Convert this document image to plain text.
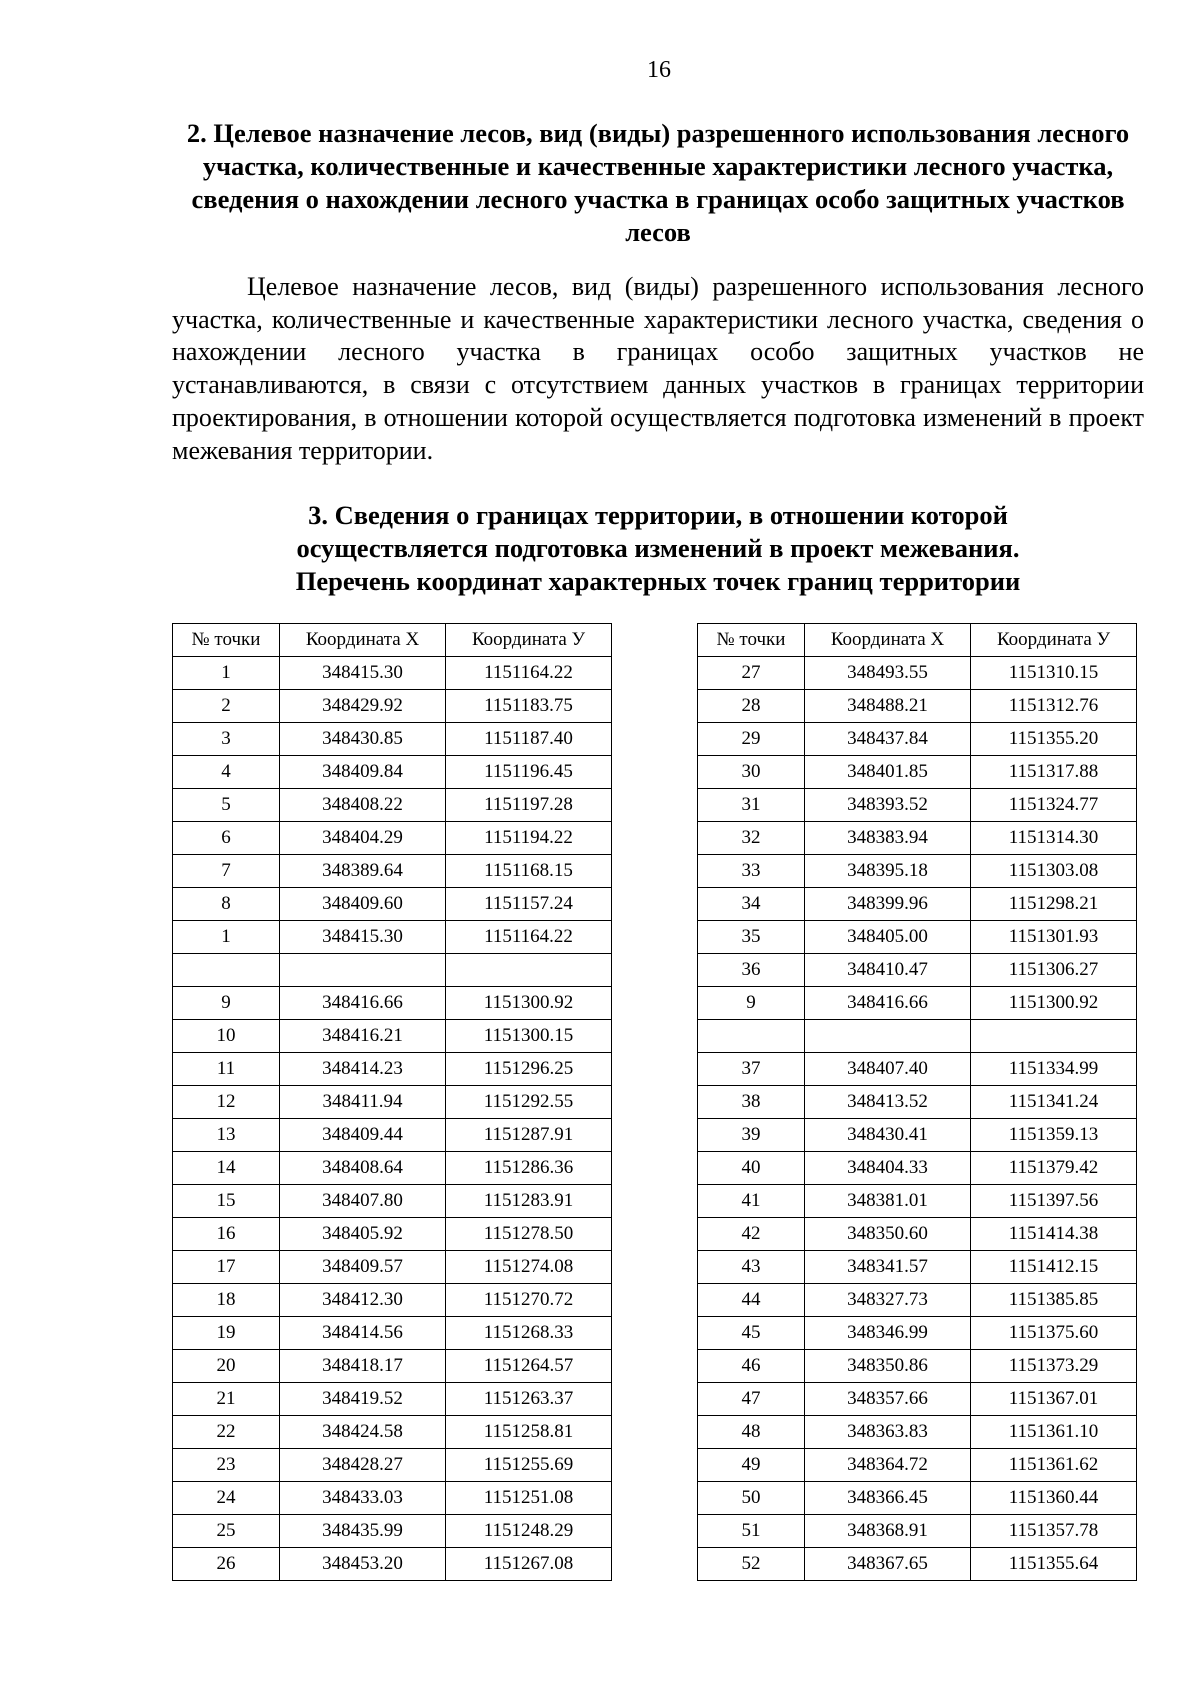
16
2. Целевое назначение лесов, вид (виды) разрешенного использования лесного участка, количественные и качественные характеристики лесного участка, сведения о нахождении лесного участка в границах особо защитных участков лесов

Целевое назначение лесов, вид (виды) разрешенного использования лесного участка, количественные и качественные характеристики лесного участка, сведения о нахождении лесного участка в границах особо защитных участков не устанавливаются, в связи с отсутствием данных участков в границах территории проектирования, в отношении которой осуществляется подготовка изменений в проект межевания территории.

3. Сведения о границах территории, в отношении которой
осуществляется подготовка изменений в проект межевания.
Перечень координат характерных точек границ территории
№ точки	Координата Х	Координата У
1	348415.30	1151164.22
2	348429.92	1151183.75
3	348430.85	1151187.40
4	348409.84	1151196.45
5	348408.22	1151197.28
6	348404.29	1151194.22
7	348389.64	1151168.15
8	348409.60	1151157.24
1	348415.30	1151164.22

9	348416.66	1151300.92
10	348416.21	1151300.15
11	348414.23	1151296.25
12	348411.94	1151292.55
13	348409.44	1151287.91
14	348408.64	1151286.36
15	348407.80	1151283.91
16	348405.92	1151278.50
17	348409.57	1151274.08
18	348412.30	1151270.72
19	348414.56	1151268.33
20	348418.17	1151264.57
21	348419.52	1151263.37
22	348424.58	1151258.81
23	348428.27	1151255.69
24	348433.03	1151251.08
25	348435.99	1151248.29
26	348453.20	1151267.08
№ точки	Координата Х	Координата У
27	348493.55	1151310.15
28	348488.21	1151312.76
29	348437.84	1151355.20
30	348401.85	1151317.88
31	348393.52	1151324.77
32	348383.94	1151314.30
33	348395.18	1151303.08
34	348399.96	1151298.21
35	348405.00	1151301.93
36	348410.47	1151306.27
9	348416.66	1151300.92

37	348407.40	1151334.99
38	348413.52	1151341.24
39	348430.41	1151359.13
40	348404.33	1151379.42
41	348381.01	1151397.56
42	348350.60	1151414.38
43	348341.57	1151412.15
44	348327.73	1151385.85
45	348346.99	1151375.60
46	348350.86	1151373.29
47	348357.66	1151367.01
48	348363.83	1151361.10
49	348364.72	1151361.62
50	348366.45	1151360.44
51	348368.91	1151357.78
52	348367.65	1151355.64
